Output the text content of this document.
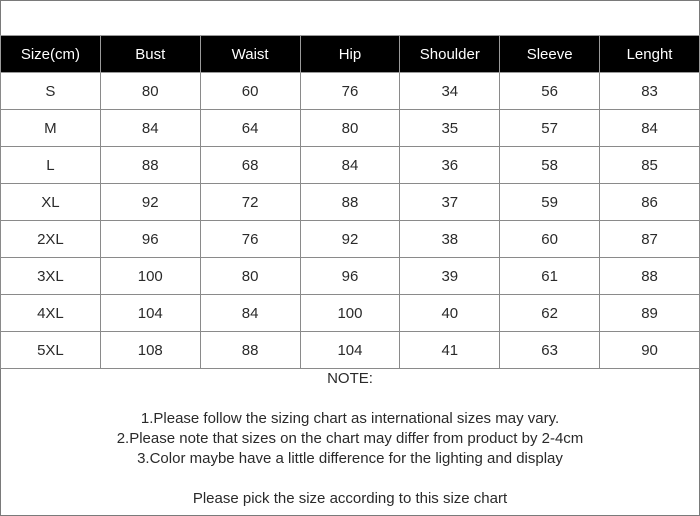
Size(cm)	Bust	Waist	Hip	Shoulder	Sleeve	Lenght
S	80	60	76	34	56	83
M	84	64	80	35	57	84
L	88	68	84	36	58	85
XL	92	72	88	37	59	86
2XL	96	76	92	38	60	87
3XL	100	80	96	39	61	88
4XL	104	84	100	40	62	89
5XL	108	88	104	41	63	90
NOTE:
1.Please follow the sizing chart as international sizes may vary.
2.Please note that sizes on the chart may differ from product by 2-4cm
3.Color maybe have a little difference for the lighting and display
Please pick the size according to this size chart
